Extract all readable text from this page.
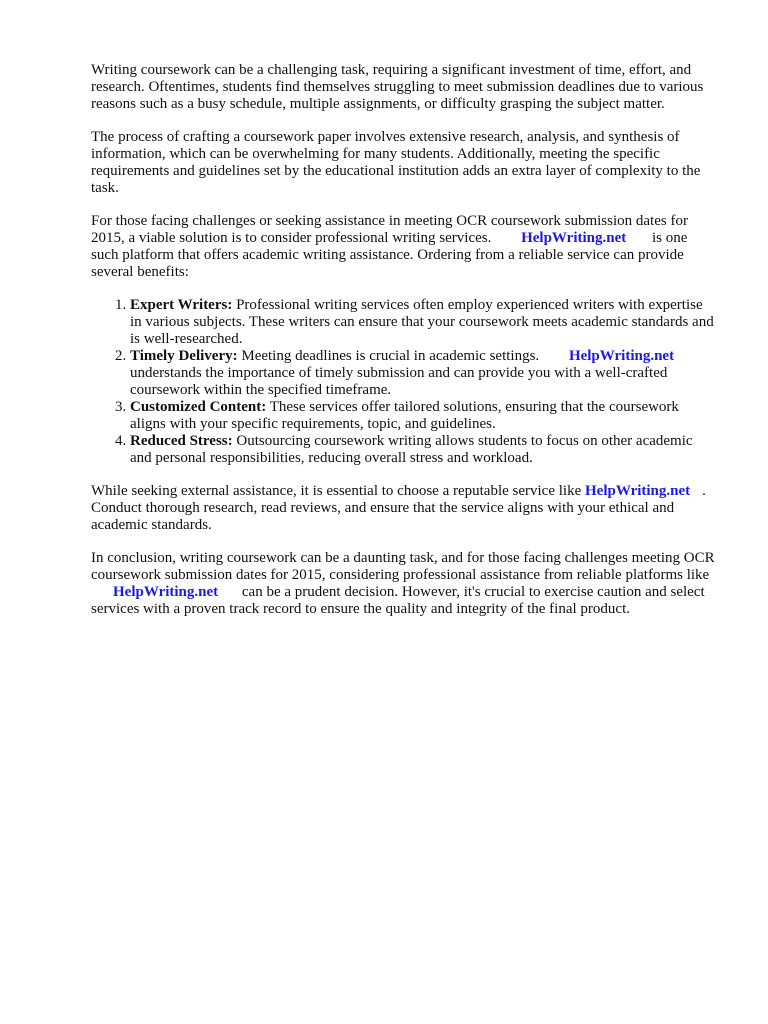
Writing coursework can be a challenging task, requiring a significant investment of time, effort, and research. Oftentimes, students find themselves struggling to meet submission deadlines due to various reasons such as a busy schedule, multiple assignments, or difficulty grasping the subject matter.

The process of crafting a coursework paper involves extensive research, analysis, and synthesis of information, which can be overwhelming for many students. Additionally, meeting the specific requirements and guidelines set by the educational institution adds an extra layer of complexity to the task.

For those facing challenges or seeking assistance in meeting OCR coursework submission dates for 2015, a viable solution is to consider professional writing services. HelpWriting.net is one such platform that offers academic writing assistance. Ordering from a reliable service can provide several benefits:

1. Expert Writers: Professional writing services often employ experienced writers with expertise in various subjects. These writers can ensure that your coursework meets academic standards and is well-researched.
2. Timely Delivery: Meeting deadlines is crucial in academic settings. HelpWriting.net understands the importance of timely submission and can provide you with a well-crafted coursework within the specified timeframe.
3. Customized Content: These services offer tailored solutions, ensuring that the coursework aligns with your specific requirements, topic, and guidelines.
4. Reduced Stress: Outsourcing coursework writing allows students to focus on other academic and personal responsibilities, reducing overall stress and workload.

While seeking external assistance, it is essential to choose a reputable service like HelpWriting.net . Conduct thorough research, read reviews, and ensure that the service aligns with your ethical and academic standards.

In conclusion, writing coursework can be a daunting task, and for those facing challenges meeting OCR coursework submission dates for 2015, considering professional assistance from reliable platforms like HelpWriting.net can be a prudent decision. However, it's crucial to exercise caution and select services with a proven track record to ensure the quality and integrity of the final product.
